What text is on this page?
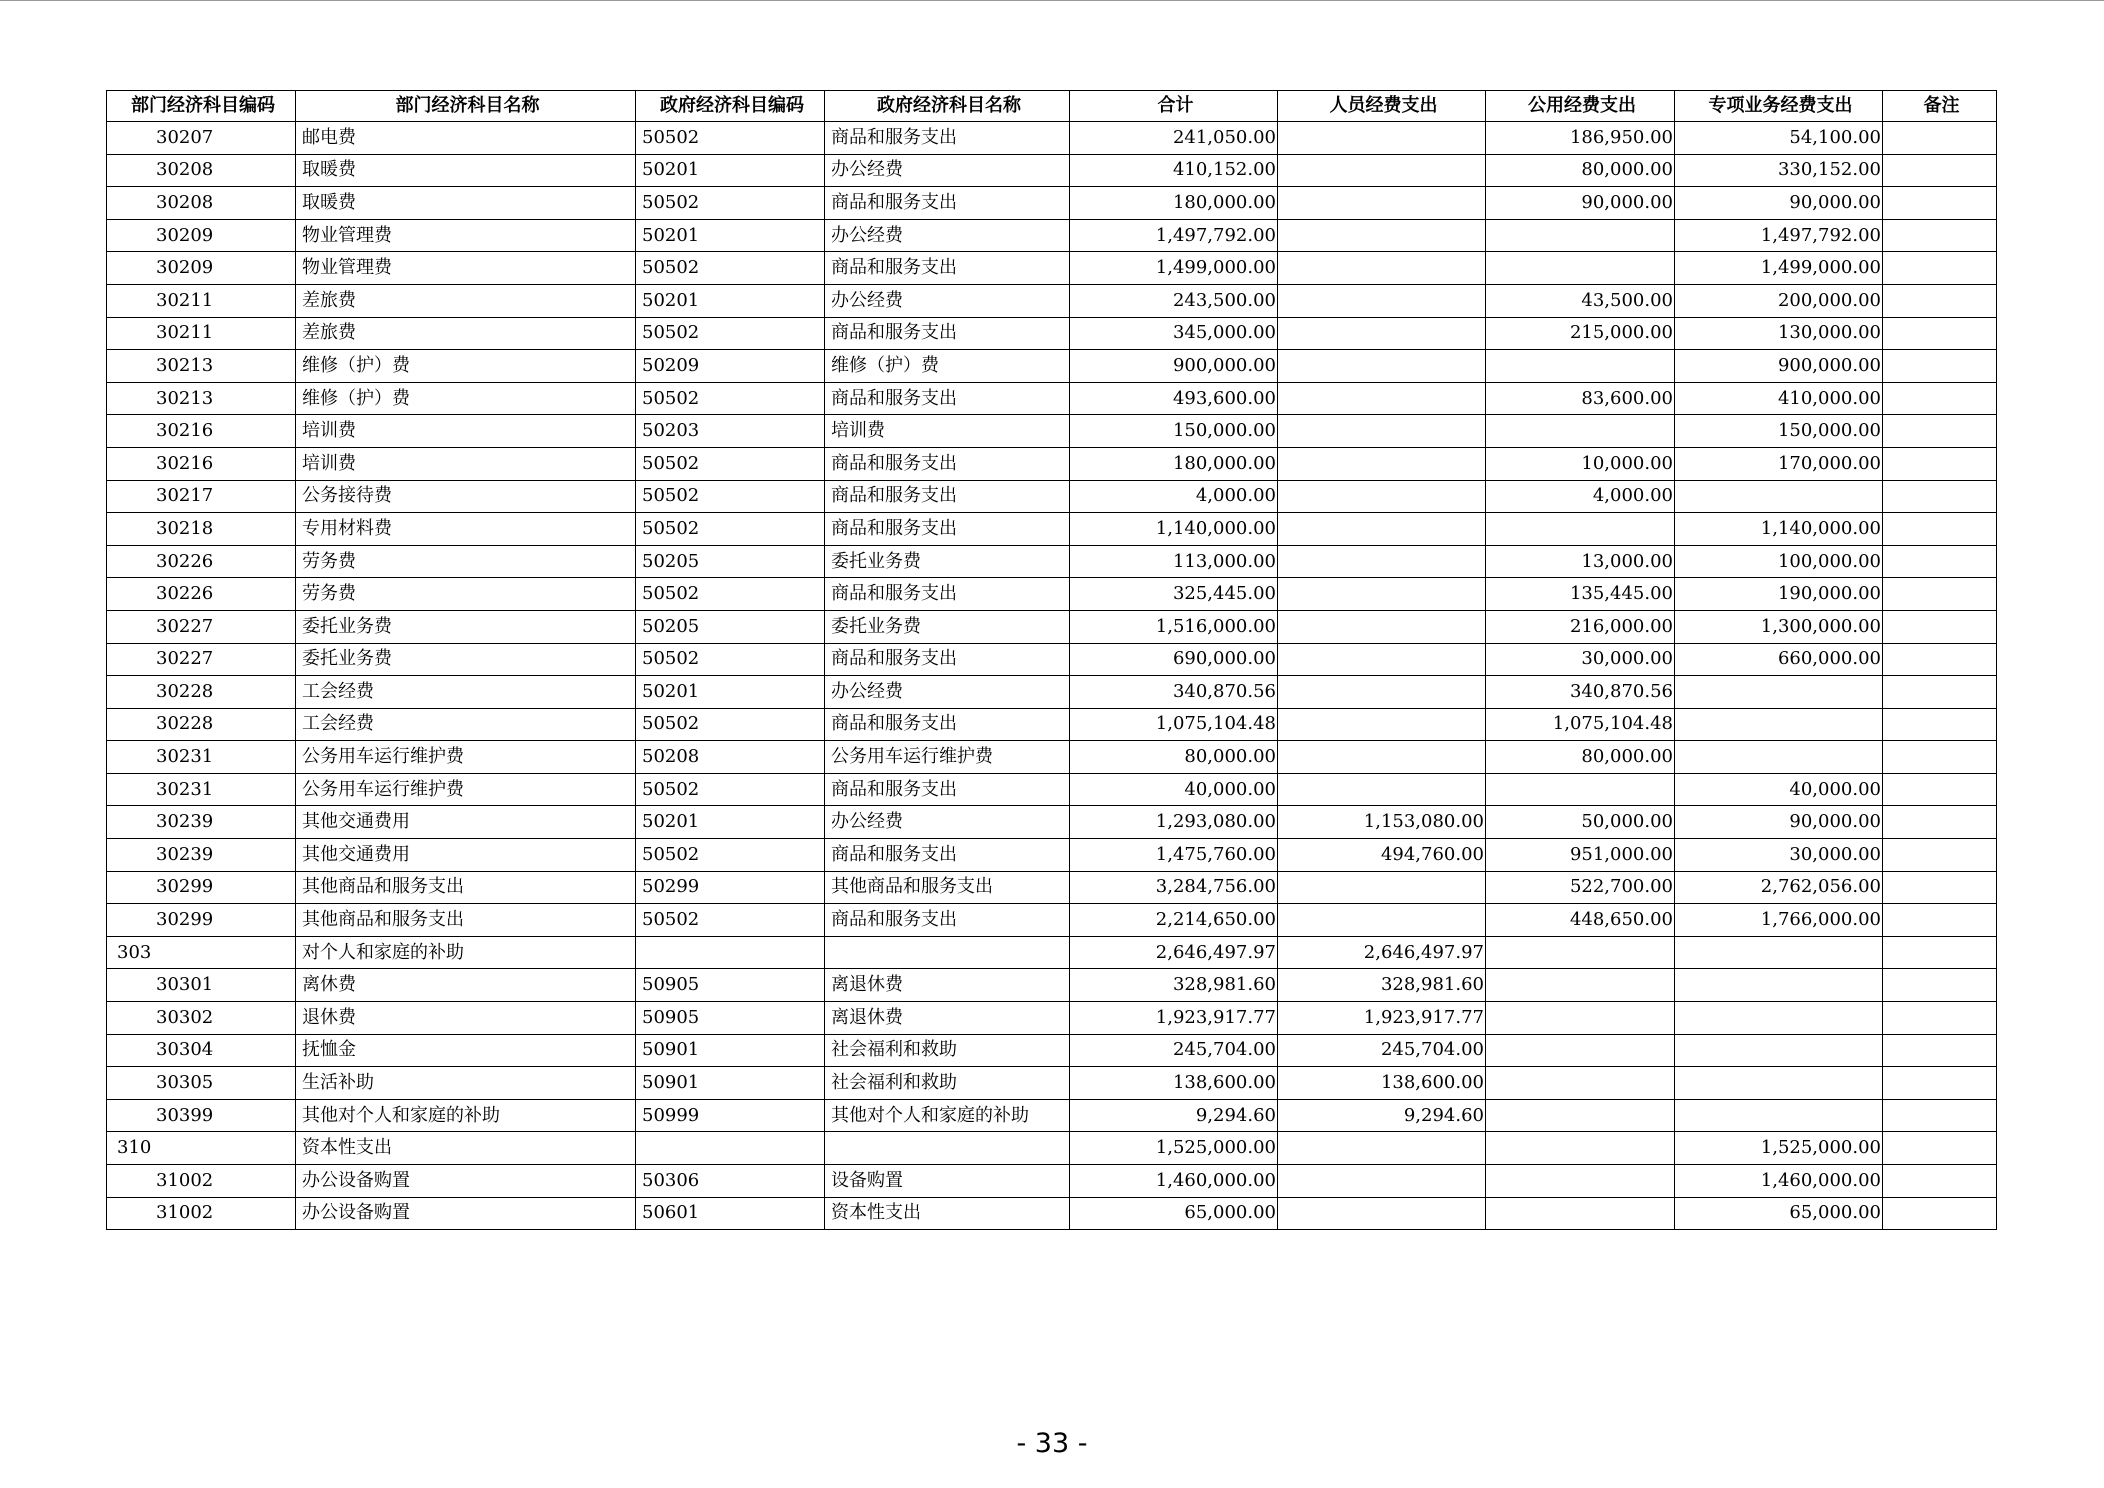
部门经济科目编码	部门经济科目名称	政府经济科目编码	政府经济科目名称	合计	人员经费支出	公用经费支出	专项业务经费支出	备注
30207	邮电费	50502	商品和服务支出	241,050.00		186,950.00	54,100.00	
30208	取暖费	50201	办公经费	410,152.00		80,000.00	330,152.00	
30208	取暖费	50502	商品和服务支出	180,000.00		90,000.00	90,000.00	
30209	物业管理费	50201	办公经费	1,497,792.00			1,497,792.00	
30209	物业管理费	50502	商品和服务支出	1,499,000.00			1,499,000.00	
30211	差旅费	50201	办公经费	243,500.00		43,500.00	200,000.00	
30211	差旅费	50502	商品和服务支出	345,000.00		215,000.00	130,000.00	
30213	维修（护）费	50209	维修（护）费	900,000.00			900,000.00	
30213	维修（护）费	50502	商品和服务支出	493,600.00		83,600.00	410,000.00	
30216	培训费	50203	培训费	150,000.00			150,000.00	
30216	培训费	50502	商品和服务支出	180,000.00		10,000.00	170,000.00	
30217	公务接待费	50502	商品和服务支出	4,000.00		4,000.00		
30218	专用材料费	50502	商品和服务支出	1,140,000.00			1,140,000.00	
30226	劳务费	50205	委托业务费	113,000.00		13,000.00	100,000.00	
30226	劳务费	50502	商品和服务支出	325,445.00		135,445.00	190,000.00	
30227	委托业务费	50205	委托业务费	1,516,000.00		216,000.00	1,300,000.00	
30227	委托业务费	50502	商品和服务支出	690,000.00		30,000.00	660,000.00	
30228	工会经费	50201	办公经费	340,870.56		340,870.56		
30228	工会经费	50502	商品和服务支出	1,075,104.48		1,075,104.48		
30231	公务用车运行维护费	50208	公务用车运行维护费	80,000.00		80,000.00		
30231	公务用车运行维护费	50502	商品和服务支出	40,000.00			40,000.00	
30239	其他交通费用	50201	办公经费	1,293,080.00	1,153,080.00	50,000.00	90,000.00	
30239	其他交通费用	50502	商品和服务支出	1,475,760.00	494,760.00	951,000.00	30,000.00	
30299	其他商品和服务支出	50299	其他商品和服务支出	3,284,756.00		522,700.00	2,762,056.00	
30299	其他商品和服务支出	50502	商品和服务支出	2,214,650.00		448,650.00	1,766,000.00	
303	对个人和家庭的补助			2,646,497.97	2,646,497.97			
30301	离休费	50905	离退休费	328,981.60	328,981.60			
30302	退休费	50905	离退休费	1,923,917.77	1,923,917.77			
30304	抚恤金	50901	社会福利和救助	245,704.00	245,704.00			
30305	生活补助	50901	社会福利和救助	138,600.00	138,600.00			
30399	其他对个人和家庭的补助	50999	其他对个人和家庭的补助	9,294.60	9,294.60			
310	资本性支出			1,525,000.00			1,525,000.00	
31002	办公设备购置	50306	设备购置	1,460,000.00			1,460,000.00	
31002	办公设备购置	50601	资本性支出	65,000.00			65,000.00	
- 33 -
